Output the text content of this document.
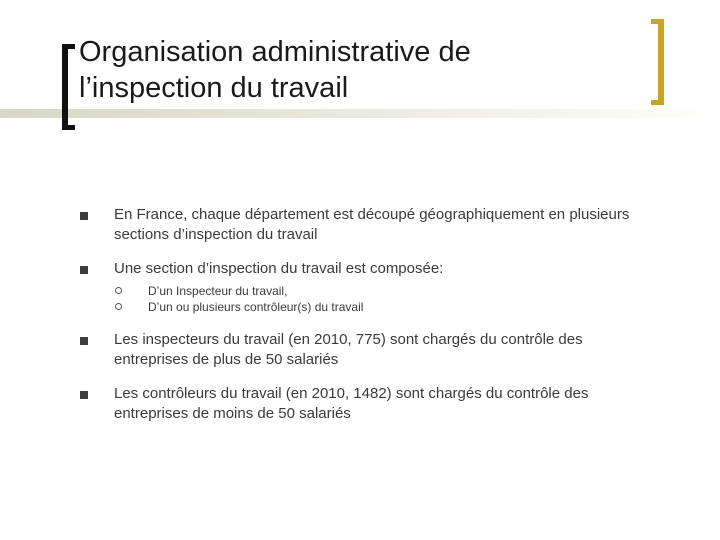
Organisation administrative de
l’inspection du travail
En France, chaque département est découpé géographiquement en plusieurs sections d’inspection du travail
Une section d’inspection du travail est composée:
D’un Inspecteur du travail,
D’un ou plusieurs contrôleur(s) du travail
Les inspecteurs du travail (en 2010, 775) sont chargés du contrôle des entreprises de plus de 50 salariés
Les contrôleurs du travail (en 2010, 1482) sont chargés du contrôle des entreprises de moins de 50 salariés
